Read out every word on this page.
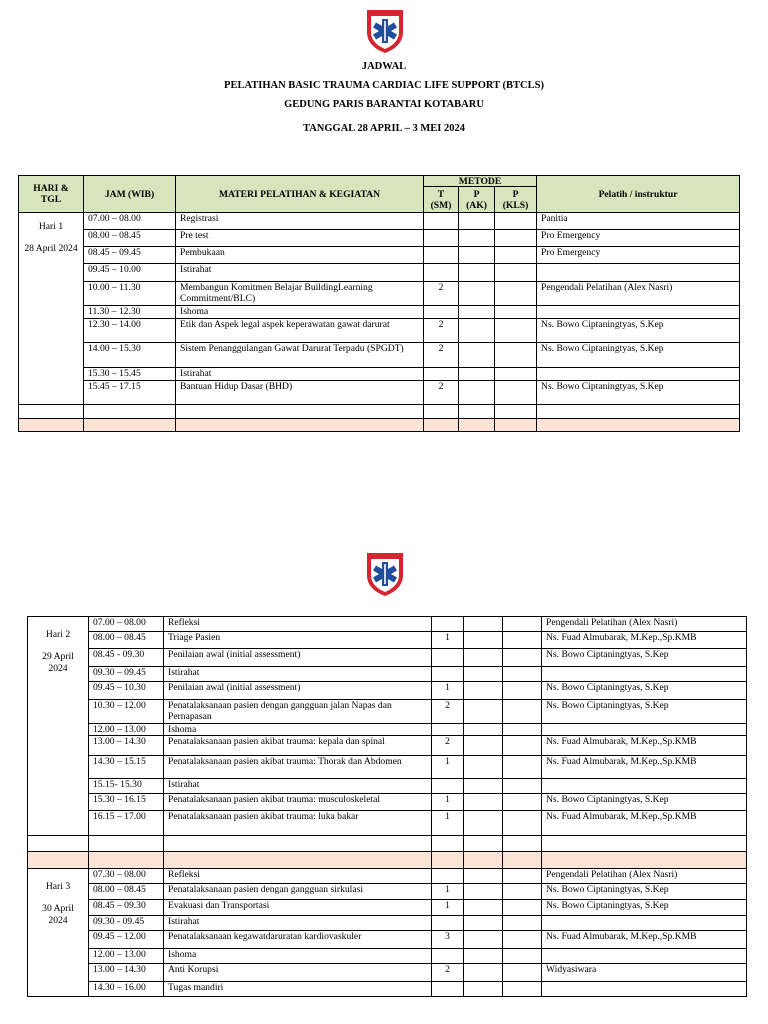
JADWAL
PELATIHAN BASIC TRAUMA CARDIAC LIFE SUPPORT (BTCLS)
GEDUNG PARIS BARANTAI KOTABARU
TANGGAL 28 APRIL – 3 MEI 2024
HARI & TGL	JAM (WIB)	MATERI PELATIHAN & KEGIATAN	METODE			Pelatih / instruktur
			T (SM)	P (AK)	P (KLS)	

Hari 1
28 April 2024	07.00 – 08.00	Registrasi				Panitia
	08.00 – 08.45	Pre test				Pro Emergency
	08.45 – 09.45	Pembukaan				Pro Emergency
	09.45 – 10.00	Istirahat				
	10.00 – 11.30	Membangun Komitmen Belajar BuildingLearning Commitment/BLC)	2			Pengendali Pelatihan (Alex Nasri)
	11.30 – 12.30	Ishoma				
	12.30 – 14.00	Etik dan Aspek legal aspek keperawatan gawat darurat	2			Ns. Bowo Ciptaningtyas, S.Kep
	14.00 – 15.30	Sistem Penanggulangan Gawat Darurat Terpadu (SPGDT)	2			Ns. Bowo Ciptaningtyas, S.Kep
	15.30 – 15.45	Istirahat				
	15.45 – 17.15	Bantuan Hidup Dasar (BHD)	2			Ns. Bowo Ciptaningtyas, S.Kep

Hari 2
29 April 2024	07.00 – 08.00	Refleksi				Pengendali Pelatihan (Alex Nasri)
	08.00 – 08.45	Triage Pasien	1			Ns. Fuad Almubarak, M.Kep.,Sp.KMB
	08.45 - 09.30	Penilaian awal (initial assessment)				Ns. Bowo Ciptaningtyas, S.Kep
	09.30 – 09.45	Istirahat				
	09.45 – 10.30	Penilaian awal (initial assessment)	1			Ns. Bowo Ciptaningtyas, S.Kep
	10.30 – 12.00	Penatalaksanaan pasien dengan gangguan jalan Napas dan Pernapasan	2			Ns. Bowo Ciptaningtyas, S.Kep
	12.00 – 13.00	Ishoma				
	13.00 – 14.30	Penatalaksanaan pasien akibat trauma: kepala dan spinal	2			Ns. Fuad Almubarak, M.Kep.,Sp.KMB
	14.30 – 15.15	Penatalaksanaan pasien akibat trauma: Thorak dan Abdomen	1			Ns. Fuad Almubarak, M.Kep.,Sp.KMB
	15.15- 15.30	Istirahat				
	15.30 – 16.15	Penatalaksanaan pasien akibat trauma: musculoskeletal	1			Ns. Bowo Ciptaningtyas, S.Kep
	16.15 – 17.00	Penatalaksanaan pasien akibat trauma: luka bakar	1			Ns. Fuad Almubarak, M.Kep.,Sp.KMB

Hari 3
30 April 2024	07.30 – 08.00	Refleksi				Pengendali Pelatihan (Alex Nasri)
	08.00 – 08.45	Penatalaksanaan pasien dengan gangguan sirkulasi	1			Ns. Bowo Ciptaningtyas, S.Kep
	08.45 – 09.30	Evakuasi dan Transportasi	1			Ns. Bowo Ciptaningtyas, S.Kep
	09.30 - 09.45	Istirahat				
	09.45 – 12.00	Penatalaksanaan kegawatdaruratan kardiovaskuler	3			Ns. Fuad Almubarak, M.Kep.,Sp.KMB
	12.00 – 13.00	Ishoma				
	13.00 – 14.30	Anti Korupsi	2			Widyasiwara
	14.30 – 16.00	Tugas mandiri				
